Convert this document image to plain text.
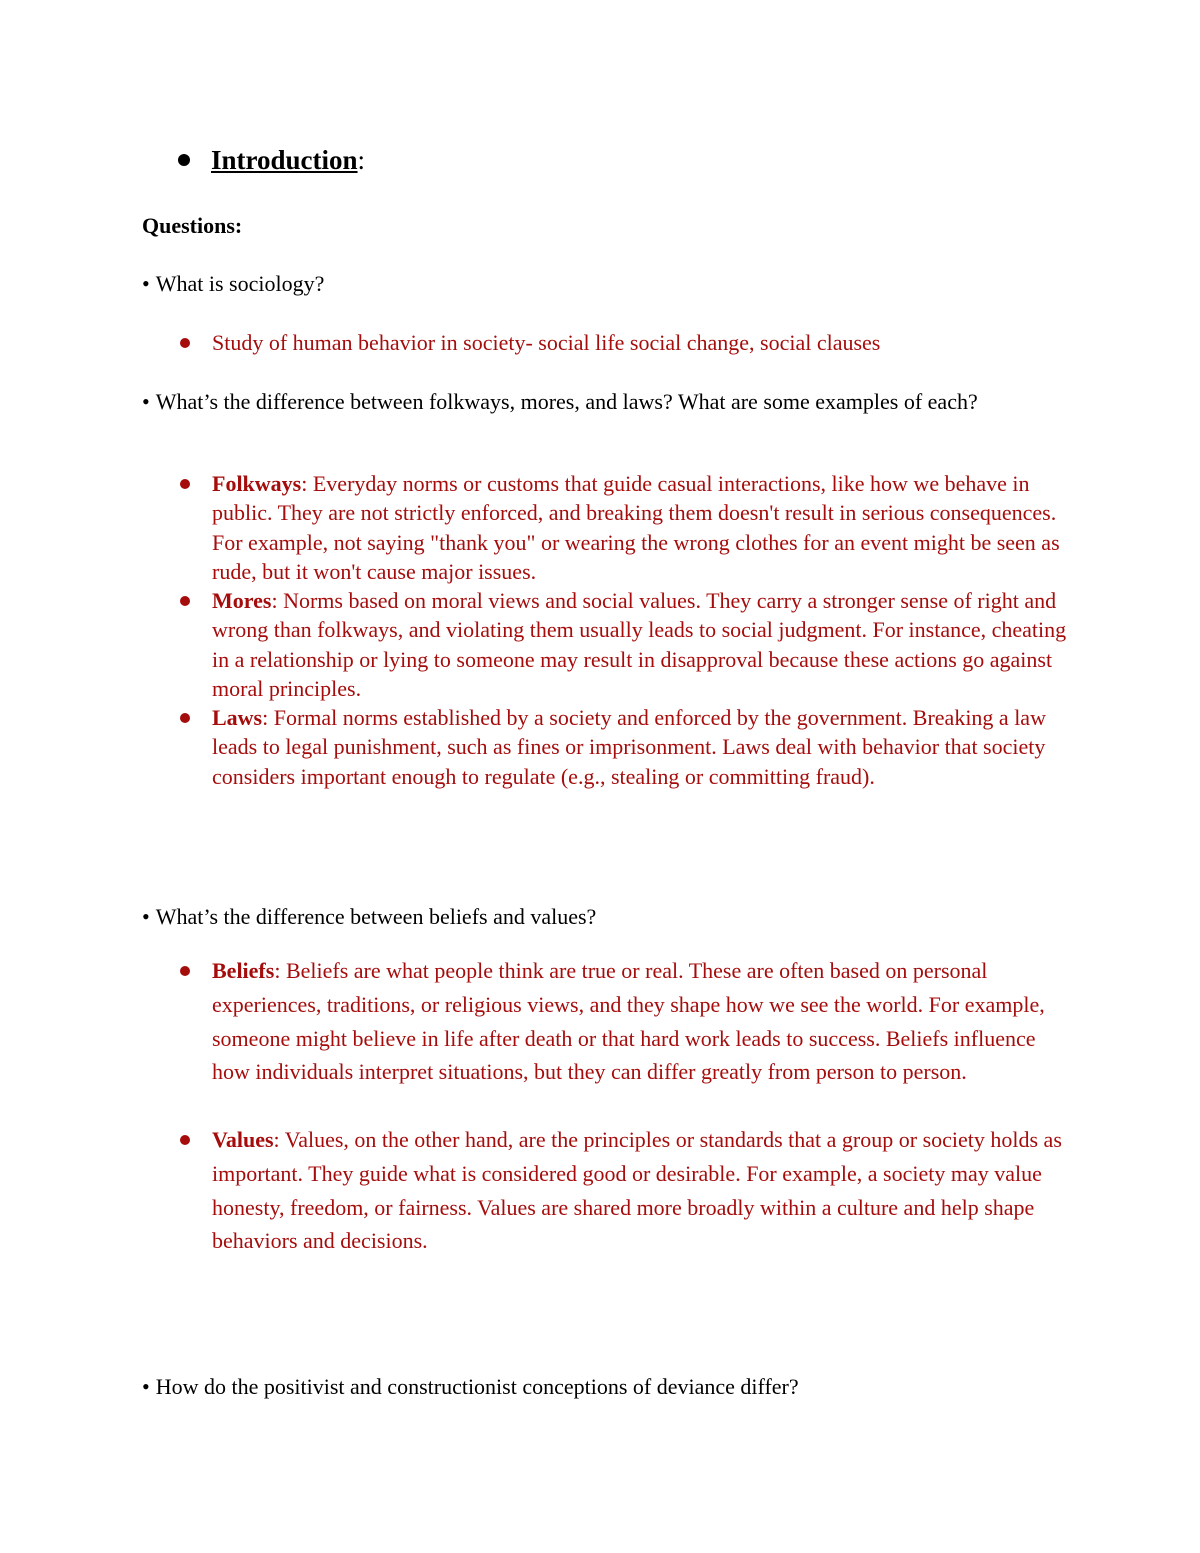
Introduction:
Questions:
• What is sociology?
Study of human behavior in society- social life social change, social clauses
• What’s the difference between folkways, mores, and laws? What are some examples of each?
Folkways: Everyday norms or customs that guide casual interactions, like how we behave in public. They are not strictly enforced, and breaking them doesn't result in serious consequences. For example, not saying "thank you" or wearing the wrong clothes for an event might be seen as rude, but it won't cause major issues.
Mores: Norms based on moral views and social values. They carry a stronger sense of right and wrong than folkways, and violating them usually leads to social judgment. For instance, cheating in a relationship or lying to someone may result in disapproval because these actions go against moral principles.
Laws: Formal norms established by a society and enforced by the government. Breaking a law leads to legal punishment, such as fines or imprisonment. Laws deal with behavior that society considers important enough to regulate (e.g., stealing or committing fraud).
• What’s the difference between beliefs and values?
Beliefs: Beliefs are what people think are true or real. These are often based on personal experiences, traditions, or religious views, and they shape how we see the world. For example, someone might believe in life after death or that hard work leads to success. Beliefs influence how individuals interpret situations, but they can differ greatly from person to person.
Values: Values, on the other hand, are the principles or standards that a group or society holds as important. They guide what is considered good or desirable. For example, a society may value honesty, freedom, or fairness. Values are shared more broadly within a culture and help shape behaviors and decisions.
• How do the positivist and constructionist conceptions of deviance differ?
